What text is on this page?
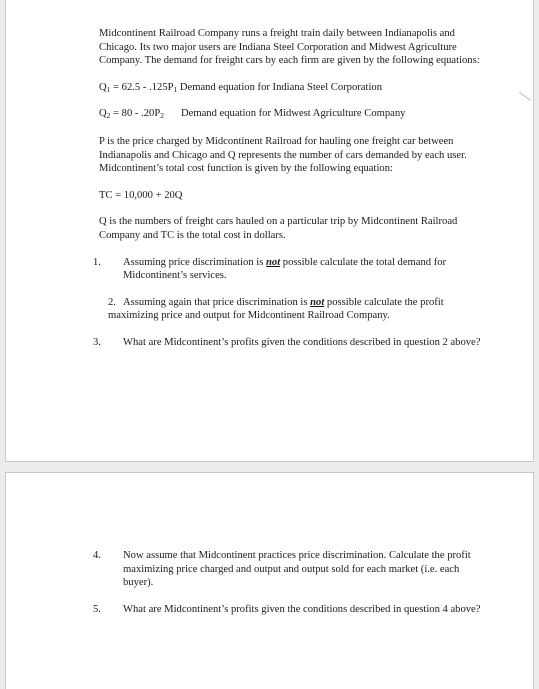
Midcontinent Railroad Company runs a freight train daily between Indianapolis and Chicago. Its two major users are Indiana Steel Corporation and Midwest Agriculture Company. The demand for freight cars by each firm are given by the following equations:

$Q_1 = 62.5 - .125P_1$ Demand equation for Indiana Steel Corporation

$Q_2 = 80 - .20P_2$ Demand equation for Midwest Agriculture Company

P is the price charged by Midcontinent Railroad for hauling one freight car between Indianapolis and Chicago and Q represents the number of cars demanded by each user. Midcontinent’s total cost function is given by the following equation:

TC = 10,000 + 20Q

Q is the numbers of freight cars hauled on a particular trip by Midcontinent Railroad Company and TC is the total cost in dollars.

1. Assuming price discrimination is not possible calculate the total demand for Midcontinent’s services.
2. Assuming again that price discrimination is not possible calculate the profit maximizing price and output for Midcontinent Railroad Company.
3. What are Midcontinent’s profits given the conditions described in question 2 above?
4. Now assume that Midcontinent practices price discrimination. Calculate the profit maximizing price charged and output and output sold for each market (i.e. each buyer).
5. What are Midcontinent’s profits given the conditions described in question 4 above?
